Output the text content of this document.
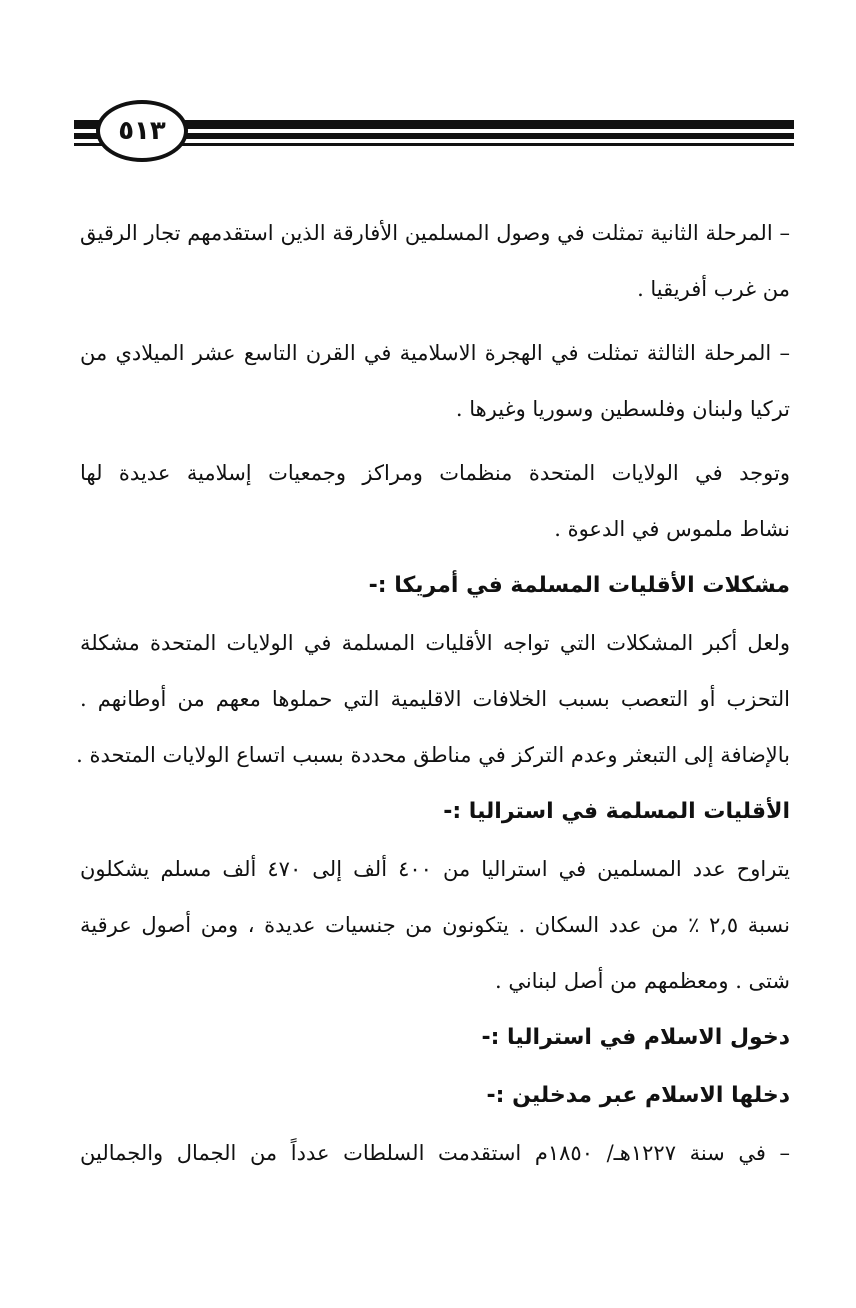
٥١٣
– المرحلة الثانية تمثلت في وصول المسلمين الأفارقة الذين استقدمهم تجار الرقيق
من غرب أفريقيا .
– المرحلة الثالثة تمثلت في الهجرة الاسلامية في القرن التاسع عشر الميلادي من
تركيا ولبنان وفلسطين وسوريا وغيرها .
وتوجد في الولايات المتحدة منظمات ومراكز وجمعيات إسلامية عديدة لها
نشاط ملموس في الدعوة .
مشكلات الأقليات المسلمة في أمريكا :-
ولعل أكبر المشكلات التي تواجه الأقليات المسلمة في الولايات المتحدة مشكلة
التحزب أو التعصب بسبب الخلافات الاقليمية التي حملوها معهم من أوطانهم .
بالإضافة إلى التبعثر وعدم التركز في مناطق محددة بسبب اتساع الولايات المتحدة .
الأقليات المسلمة في استراليا :-
يتراوح عدد المسلمين في استراليا من ٤٠٠ ألف إلى ٤٧٠ ألف مسلم يشكلون
نسبة ٢,٥ ٪ من عدد السكان . يتكونون من جنسيات عديدة ، ومن أصول عرقية
شتى . ومعظمهم من أصل لبناني .
دخول الاسلام في استراليا :-
دخلها الاسلام عبر مدخلين :-
– في سنة ١٢٢٧هـ/ ١٨٥٠م استقدمت السلطات عدداً من الجمال والجمالين
